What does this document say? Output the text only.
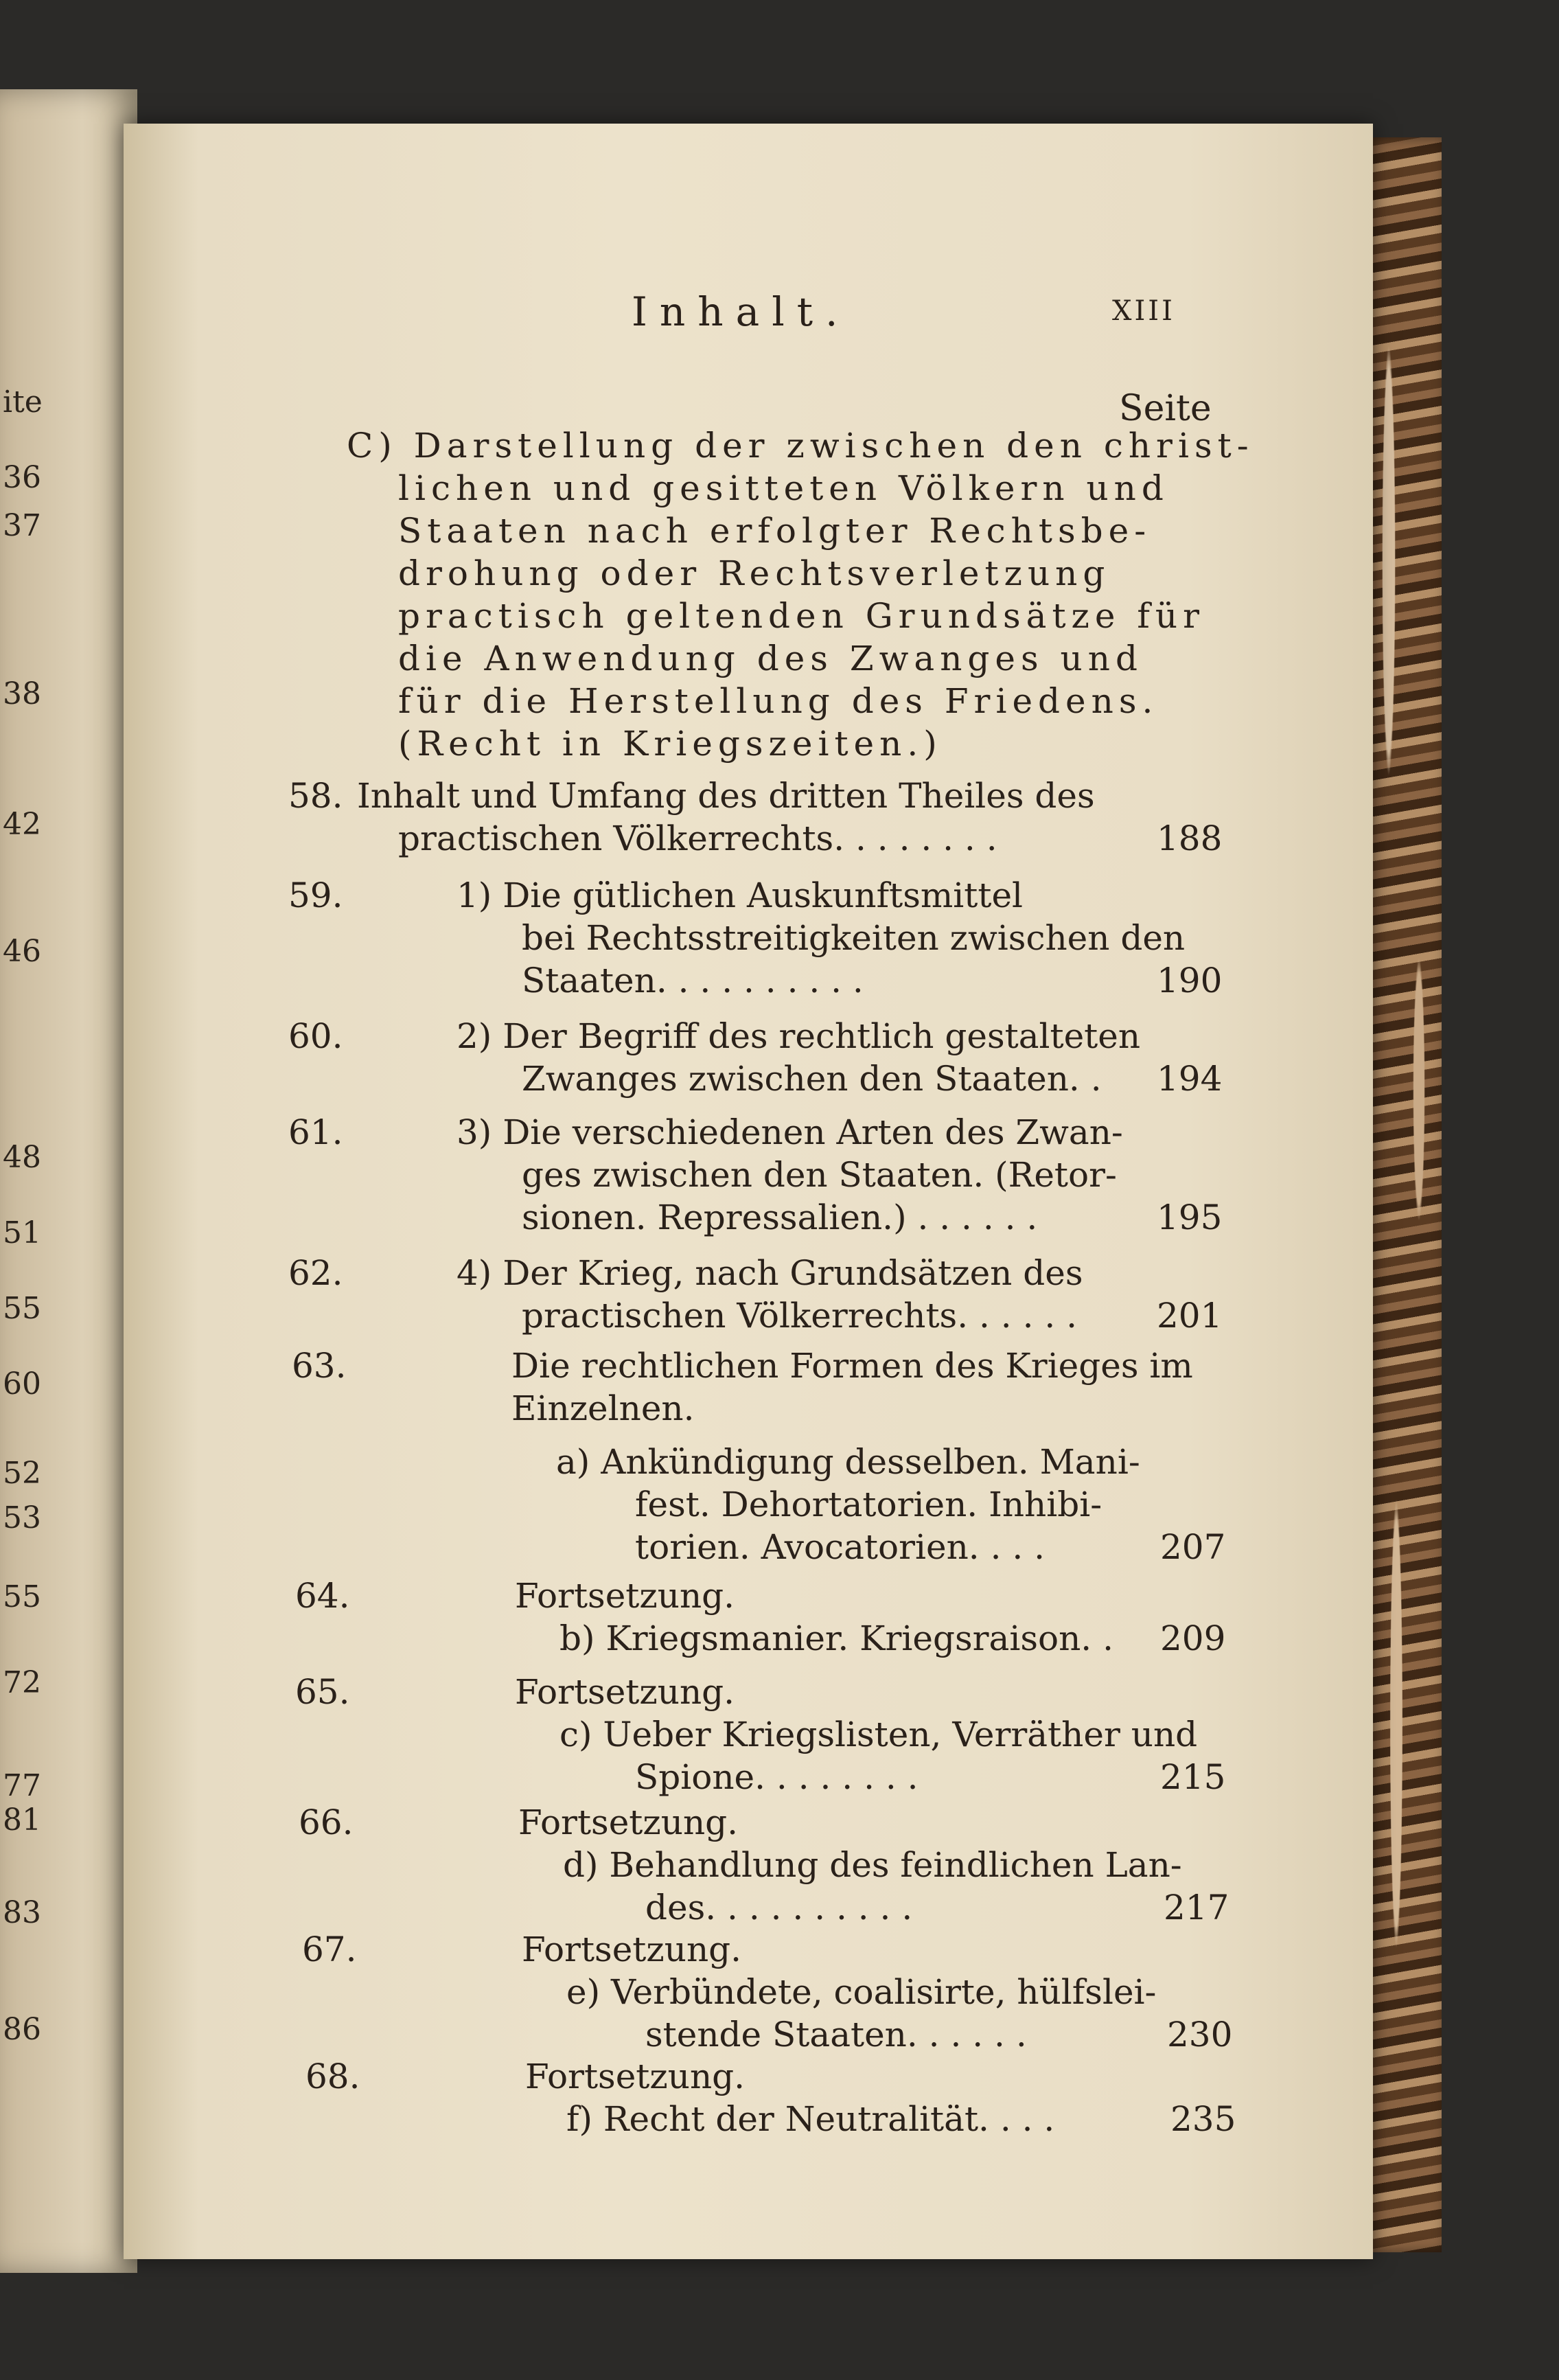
ite
36
37
38
42
46
48
51
55
60
52
53
55
72
77
81
83
86
Inhalt.	XIII
Seite
C) Darstellung der zwischen den christ-
lichen und gesitteten Völkern und
Staaten nach erfolgter Rechtsbe-
drohung oder Rechtsverletzung
practisch geltenden Grundsätze für
die Anwendung des Zwanges und
für die Herstellung des Friedens.
(Recht in Kriegszeiten.)
58. Inhalt und Umfang des dritten Theiles des
practischen Völkerrechts. . . . . . . .	188
59.	1) Die gütlichen Auskunftsmittel
bei Rechtsstreitigkeiten zwischen den
Staaten. . . . . . . . . .	190
60.	2) Der Begriff des rechtlich gestalteten
Zwanges zwischen den Staaten. . 194
61.	3) Die verschiedenen Arten des Zwan-
ges zwischen den Staaten. (Retor-
sionen. Repressalien.) . . . . . .	195
62.	4) Der Krieg, nach Grundsätzen des
practischen Völkerrechts. . . . . . 201
63.	Die rechtlichen Formen des Krieges im
Einzelnen.
a) Ankündigung desselben. Mani-
fest. Dehortatorien. Inhibi-
torien. Avocatorien. . . .	207
64.	Fortsetzung.
b) Kriegsmanier. Kriegsraison. . 209
65.	Fortsetzung.
c) Ueber Kriegslisten, Verräther und
Spione. . . . . . . .	215
66.	Fortsetzung.
d) Behandlung des feindlichen Lan-
des. . . . . . . . . .	217
67.	Fortsetzung.
e) Verbündete, coalisirte, hülfslei-
stende Staaten. . . . . .	230
68.	Fortsetzung.
f) Recht der Neutralität. . . .	235
